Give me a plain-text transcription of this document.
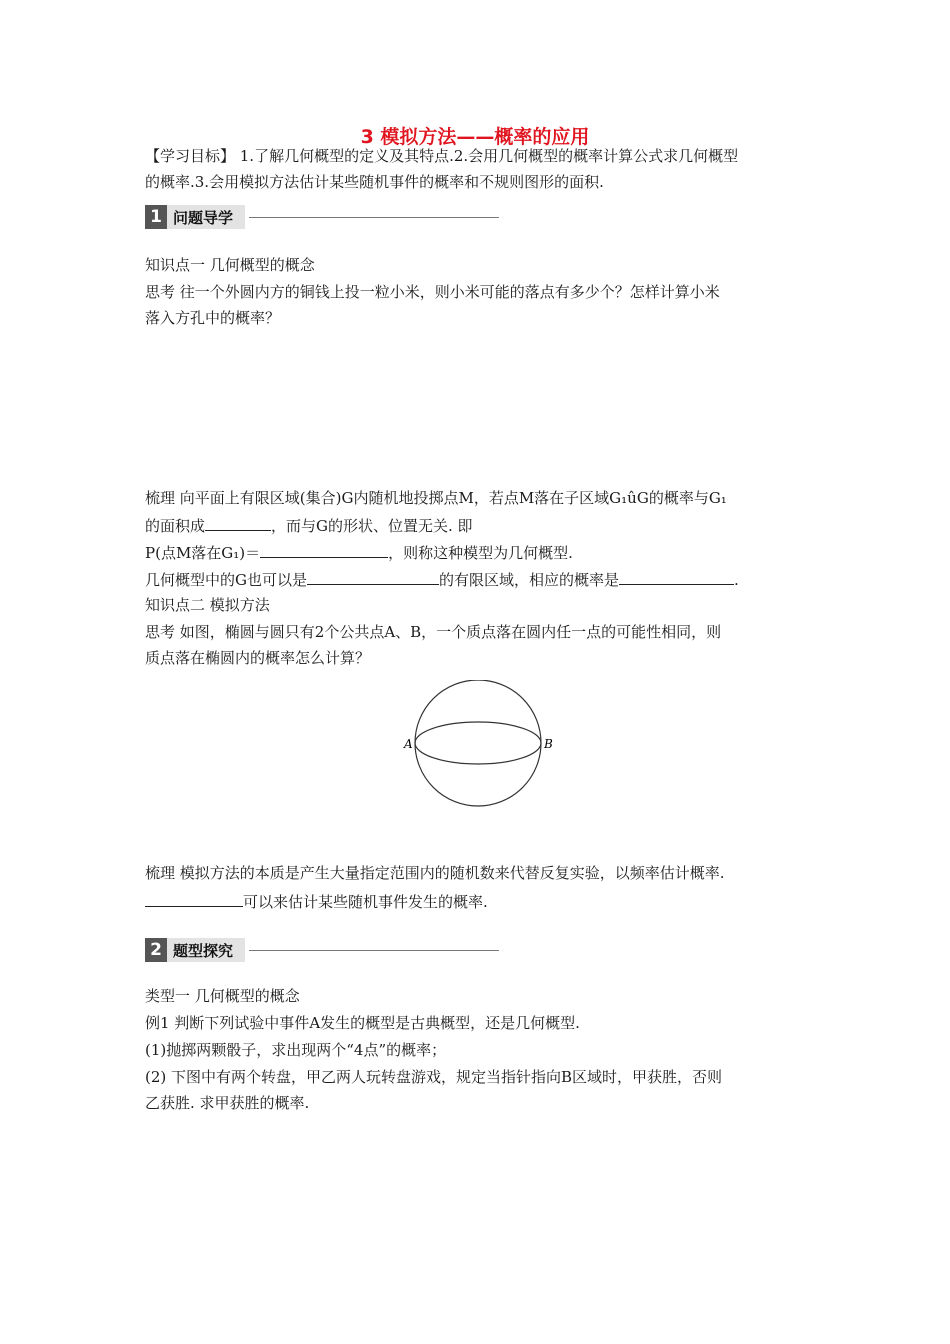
3 模拟方法——概率的应用
【学习目标】 1.了解几何概型的定义及其特点.2.会用几何概型的概率计算公式求几何概型
的概率.3.会用模拟方法估计某些随机事件的概率和不规则图形的面积.
1 问题导学
知识点一 几何概型的概念
思考 往一个外圆内方的铜钱上投一粒小米，则小米可能的落点有多少个？怎样计算小米
落入方孔中的概率？
梳理 向平面上有限区域(集合)G内随机地投掷点M，若点M落在子区域G₁ûG的概率与G₁
的面积成	，而与G的形状、位置无关. 即
P(点M落在G₁)＝	，则称这种模型为几何概型.
几何概型中的G也可以是	的有限区域，相应的概率是	.
知识点二 模拟方法
思考 如图，椭圆与圆只有2个公共点A、B，一个质点落在圆内任一点的可能性相同，则
质点落在椭圆内的概率怎么计算？
A	B
梳理 模拟方法的本质是产生大量指定范围内的随机数来代替反复实验，以频率估计概率.
可以来估计某些随机事件发生的概率.
2 题型探究
类型一 几何概型的概念
例1 判断下列试验中事件A发生的概型是古典概型，还是几何概型.
(1)抛掷两颗骰子，求出现两个“4点”的概率；
(2) 下图中有两个转盘，甲乙两人玩转盘游戏，规定当指针指向B区域时，甲获胜，否则
乙获胜. 求甲获胜的概率.
